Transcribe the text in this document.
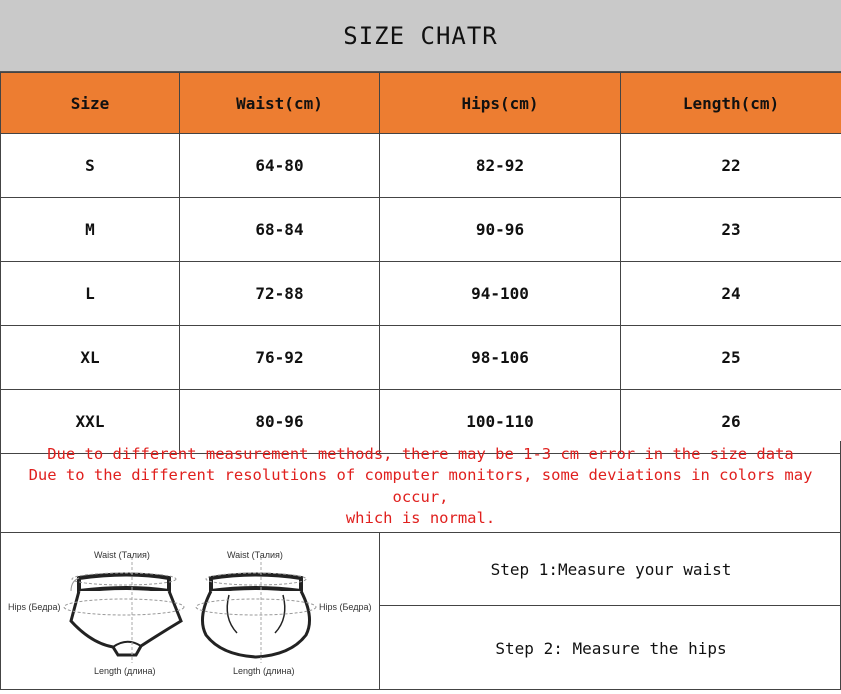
SIZE CHATR
Size	Waist(cm)	Hips(cm)	Length(cm)
S	64-80	82-92	22
M	68-84	90-96	23
L	72-88	94-100	24
XL	76-92	98-106	25
XXL	80-96	100-110	26
Due to different measurement methods, there may be 1-3 cm error in the size data
Due to the different resolutions of computer monitors, some deviations in colors may occur,
which is normal.
Waist (Талия)	Waist (Талия)
Hips (Бедра)	Hips (Бедра)
Length (длина)	Length (длина)
Step 1:Measure your waist
Step 2: Measure the hips
